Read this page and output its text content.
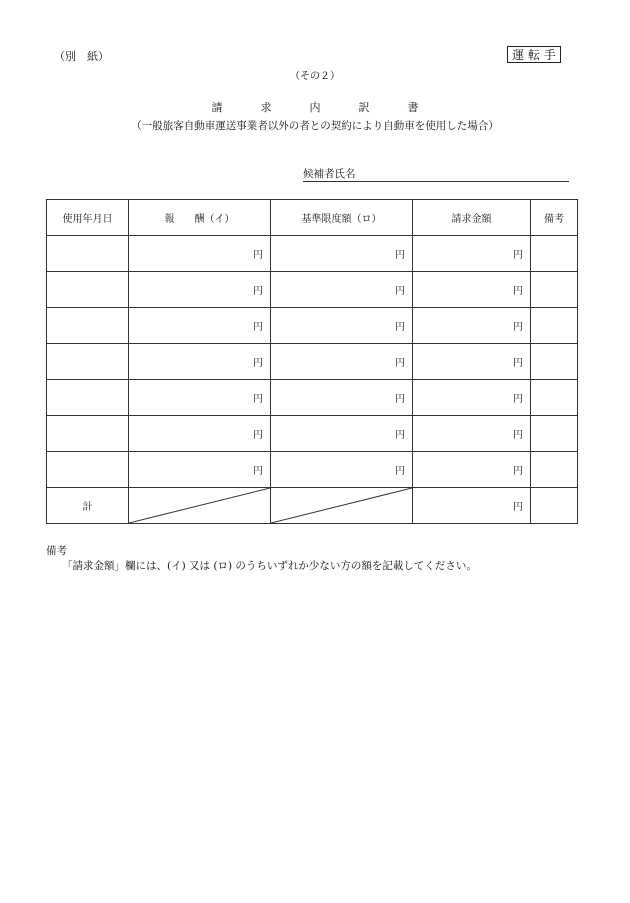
（別　紙）	運 転 手
（その２）
請	求	内	訳	書
（一般旅客自動車運送事業者以外の者との契約により自動車を使用した場合）
候補者氏名
使用年月日	報　　酬（イ）	基準限度額（ロ）	請求金額	備考
	円	円	円	
	円	円	円	
	円	円	円	
	円	円	円	
	円	円	円	
	円	円	円	
	円	円	円	
計			円	
備考
「請求金額」欄には、(イ) 又は (ロ) のうちいずれか少ない方の額を記載してください。
